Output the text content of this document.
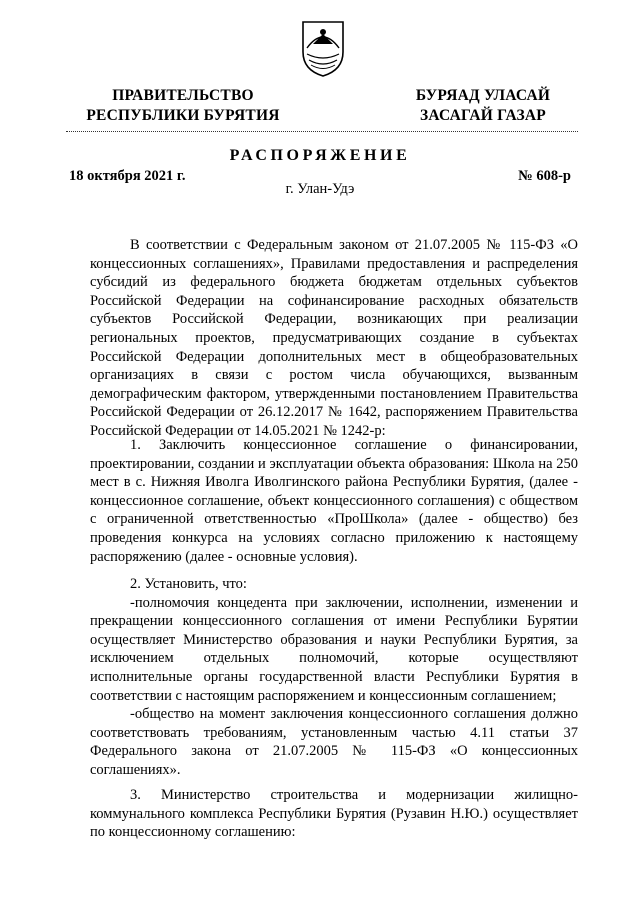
ПРАВИТЕЛЬСТВО
РЕСПУБЛИКИ БУРЯТИЯ
БУРЯАД УЛАСАЙ
ЗАСАГАЙ ГАЗАР
РАСПОРЯЖЕНИЕ
18 октября 2021 г.	№ 608-р
г. Улан-Удэ

В соответствии с Федеральным законом от 21.07.2005 № 115-ФЗ «О концессионных соглашениях», Правилами предоставления и распределения субсидий из федерального бюджета бюджетам отдельных субъектов Российской Федерации на софинансирование расходных обязательств субъектов Российской Федерации, возникающих при реализации региональных проектов, предусматривающих создание в субъектах Российской Федерации дополнительных мест в общеобразовательных организациях в связи с ростом числа обучающихся, вызванным демографическим фактором, утвержденными постановлением Правительства Российской Федерации от 26.12.2017 № 1642, распоряжением Правительства Российской Федерации от 14.05.2021 № 1242-р:

1. Заключить концессионное соглашение о финансировании, проектировании, создании и эксплуатации объекта образования: Школа на 250 мест в с. Нижняя Иволга Иволгинского района Республики Бурятия, (далее - концессионное соглашение, объект концессионного соглашения) с обществом с ограниченной ответственностью «ПроШкола» (далее - общество) без проведения конкурса на условиях согласно приложению к настоящему распоряжению (далее - основные условия).

2. Установить, что:

-полномочия концедента при заключении, исполнении, изменении и прекращении концессионного соглашения от имени Республики Бурятии осуществляет Министерство образования и науки Республики Бурятия, за исключением отдельных полномочий, которые осуществляют исполнительные органы государственной власти Республики Бурятия в соответствии с настоящим распоряжением и концессионным соглашением;

-общество на момент заключения концессионного соглашения должно соответствовать требованиям, установленным частью 4.11 статьи 37 Федерального закона от 21.07.2005 № 115-ФЗ «О концессионных соглашениях».

3. Министерство строительства и модернизации жилищно-коммунального комплекса Республики Бурятия (Рузавин Н.Ю.) осуществляет по концессионному соглашению:
